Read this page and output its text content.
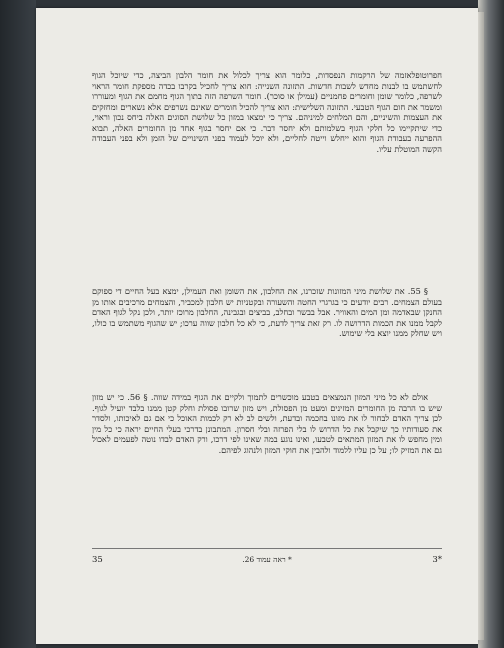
חפרוטופלאזמה של הרקמות הנפסדות, כלומר הוא צריך לכלול את חומר הלבון הביצה, כדי שיוכל הגוף לחשתמש בו לבנות מחדש לשבות חדשות. התזונה השנייה: חוא צריך לחכיל בקרבו בכדה מספקת חומר הראוי לשרפה, כלומר שומן וחומרים פחמניים (עמילן או סוכר). חומר השרפה הזה בתוך הגוף מחמם את הגוף ומעוררו ומשמר את חום הגוף הטבעי. התזונה השלישית: הוא צריך להכיל חומרים שאינם נשרפים אלא נשארים ומחזקים את העצמות והשיניים, והם המלחים למיניהם. צריך כי ימצאו במזון כל שלושת הסוגים האלה ביחס נכון וראוי, כדי שיתקיימו כל חלקי הגוף בשלמותם ולא יחסר דבר. כי אם יחסר בגוף אחד מן החומרים האלה, תבוא ההפרעה בעבודת הגוף והוא ייחלש וייטה לחליים, ולא יוכל לעמוד בפני השינויים של הזמן ולא בפני העבודה הקשה המוטלת עליו.

§ 55. את שלושת מיני המזונות שזכרנו, את החלבון, את השומן ואת העמילן, ימצא בעל החיים די ספוקם בעולם הצמחים. רבים יודעים כי בגרגרי החטה והשעורה ובקטניות יש חלבון למכביר, והצמחים מרכיבים אותו מן החנקן שבאדמה ומן המים והאוויר. אבל בבשר ובחלב, בביצים ובגבינה, החלבון מרוכז יותר, ולכן נקל לגוף האדם לקבל ממנו את הכמות הדרושה לו. רק זאת צריך לדעת, כי לא כל חלבון שווה ערכו; יש שהגוף משתמש בו כולו, ויש שחלק ממנו יוצא בלי שימוש.

אולם לא כל מיני המזון הנמצאים בטבע מוכשרים לתמוך ולקיים את הגוף במידה שווה. § 56. כי יש מזון שיש בו הרבה מן החומרים המזינים ומעט מן הפסולת, ויש מזון שרובו פסולת וחלק קטן ממנו בלבד יועיל לגוף. לכן צריך האדם לבחור לו את מזונו בחכמה ובדעת, ולשים לב לא רק לכמות האוכל כי אם גם לאיכותו, ולסדר את סעודותיו כך שיקבל את כל הדרוש לו בלי הפרזה ובלי חסרון. המתבונן בדרכי בעלי החיים יראה כי כל מין ומין מחפש לו את המזון המתאים לטבעו, ואינו נוגע במה שאינו לפי דרכו, ורק האדם לבדו נוטה לפעמים לאכול גם את המזיק לו; על כן עליו ללמוד ולהבין את חוקי המזון ולנהוג לפיהם.

35	* ראה עמוד 26.	3*
